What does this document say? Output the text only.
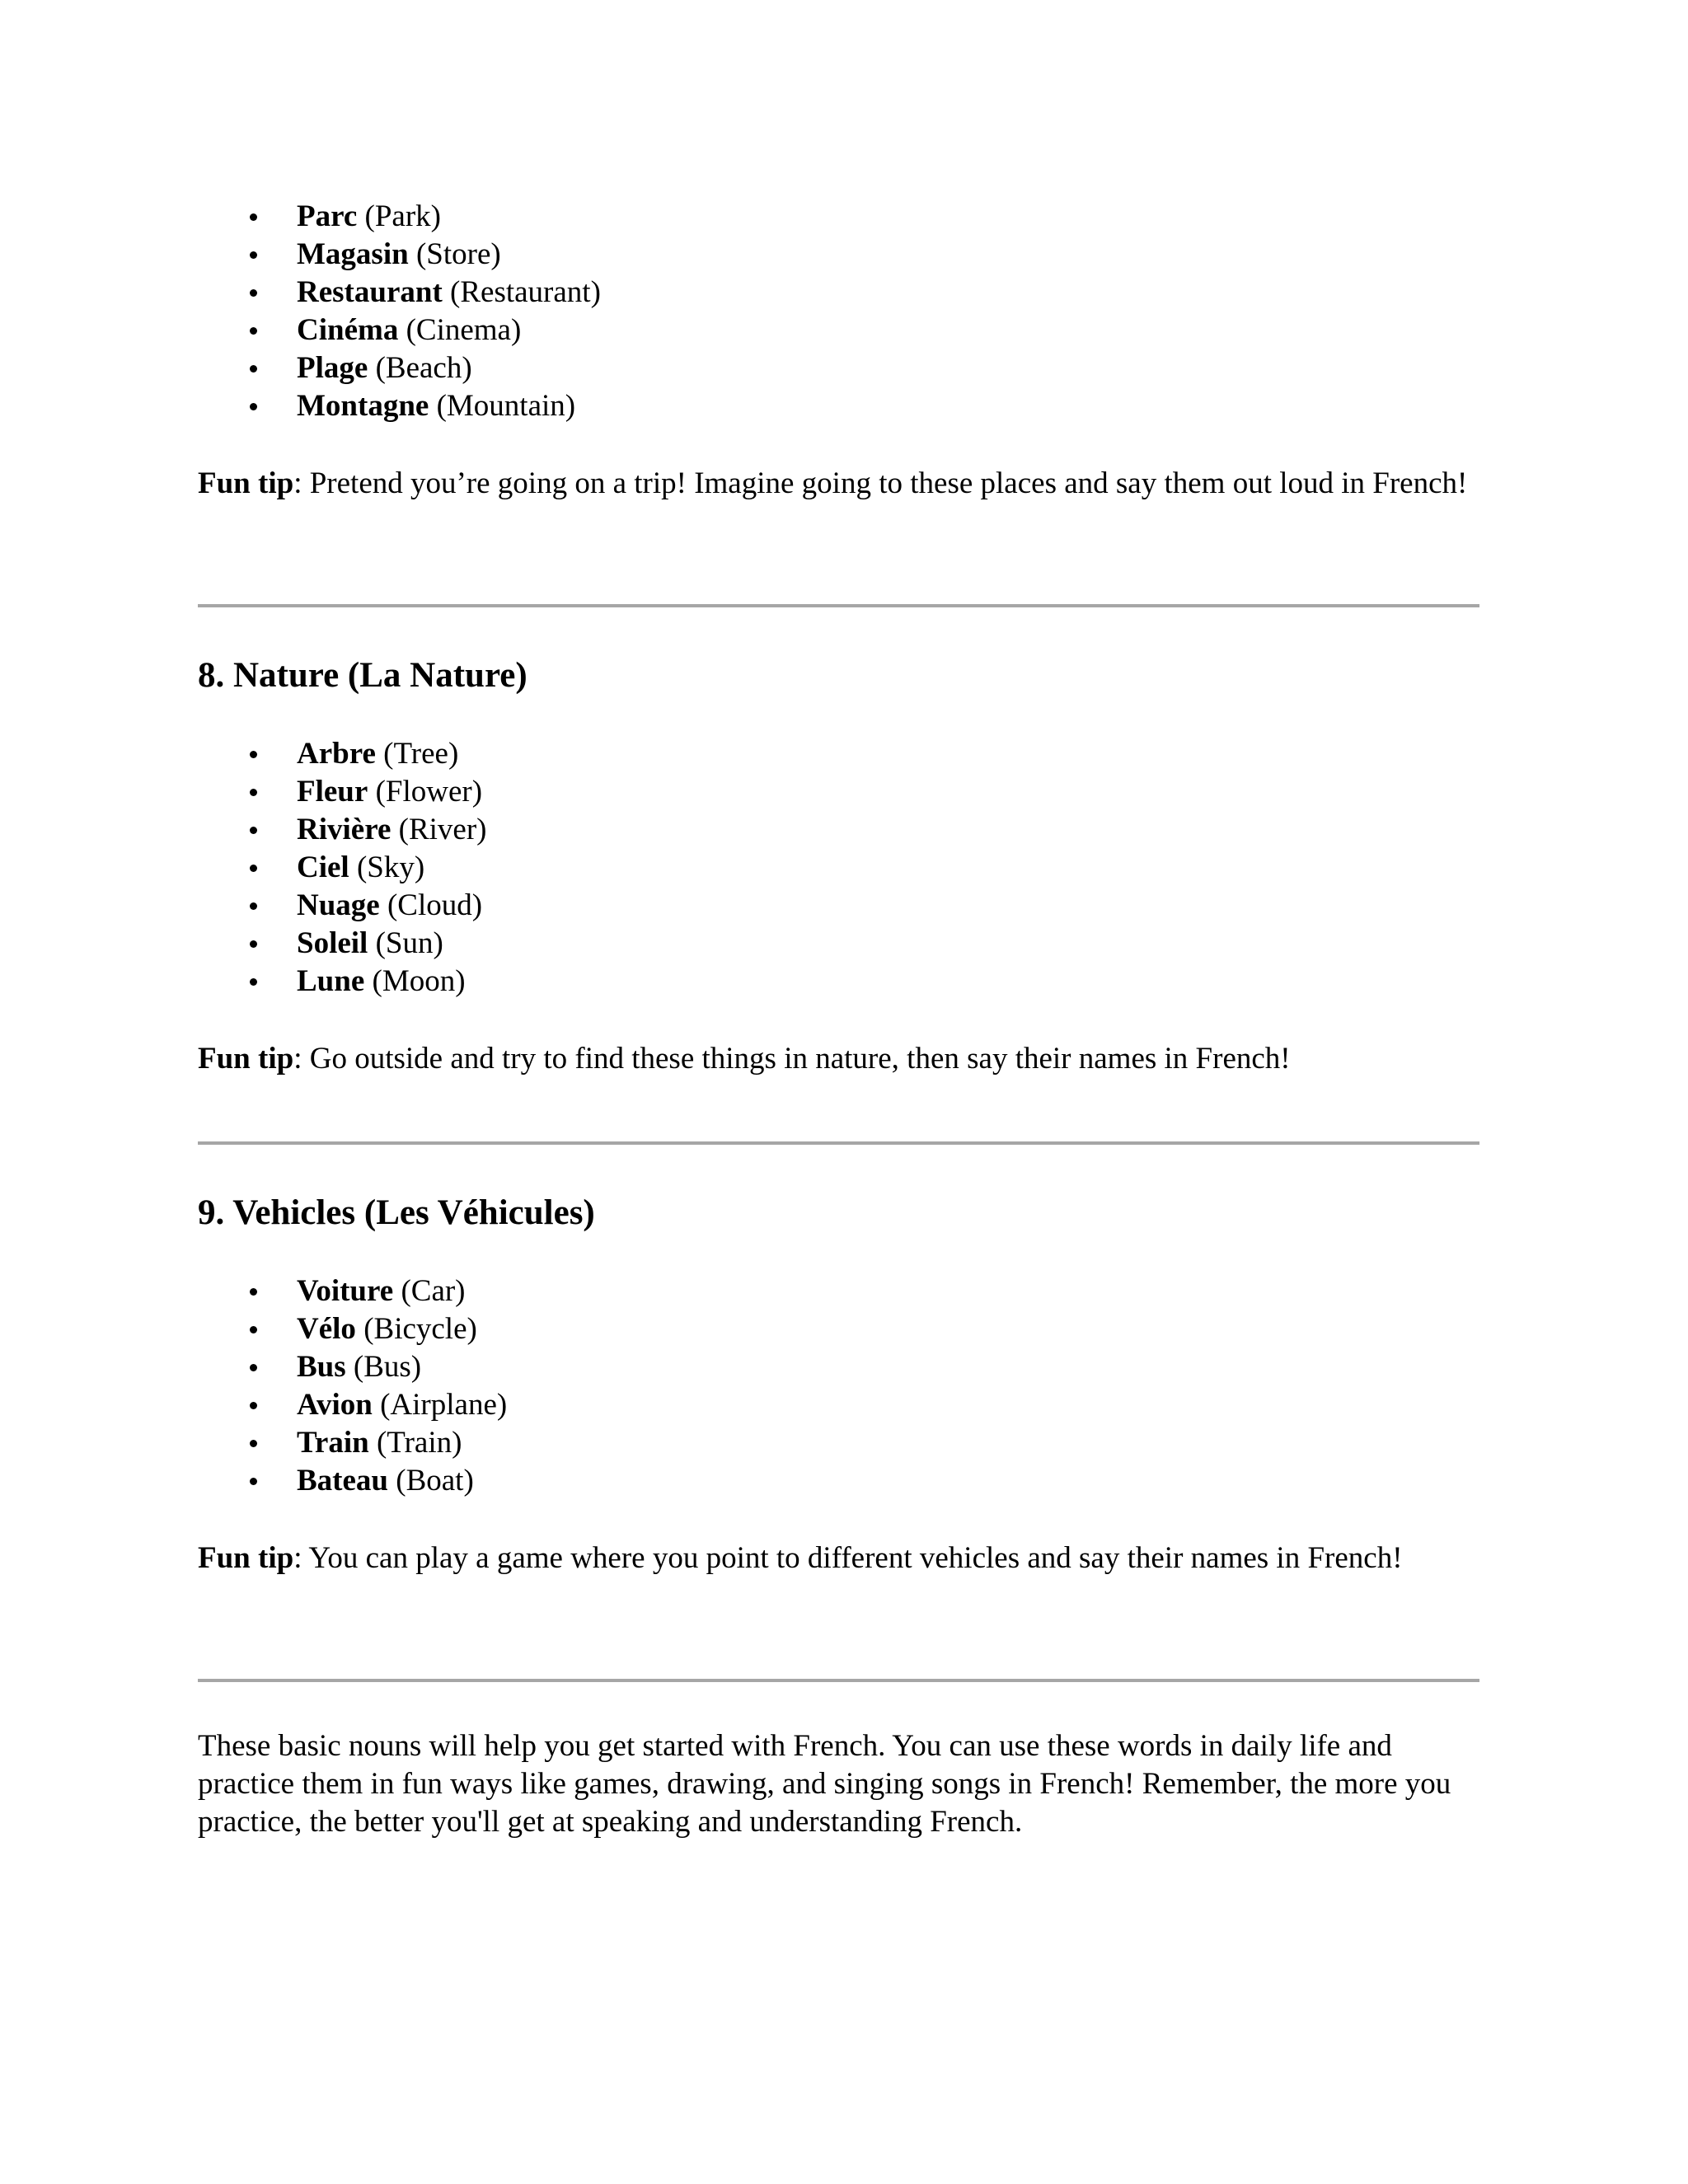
Parc (Park)
Magasin (Store)
Restaurant (Restaurant)
Cinéma (Cinema)
Plage (Beach)
Montagne (Mountain)

Fun tip: Pretend you’re going on a trip! Imagine going to these places and say them out loud in French!

8. Nature (La Nature)
Arbre (Tree)
Fleur (Flower)
Rivière (River)
Ciel (Sky)
Nuage (Cloud)
Soleil (Sun)
Lune (Moon)

Fun tip: Go outside and try to find these things in nature, then say their names in French!

9. Vehicles (Les Véhicules)
Voiture (Car)
Vélo (Bicycle)
Bus (Bus)
Avion (Airplane)
Train (Train)
Bateau (Boat)

Fun tip: You can play a game where you point to different vehicles and say their names in French!

These basic nouns will help you get started with French. You can use these words in daily life and practice them in fun ways like games, drawing, and singing songs in French! Remember, the more you practice, the better you'll get at speaking and understanding French.
